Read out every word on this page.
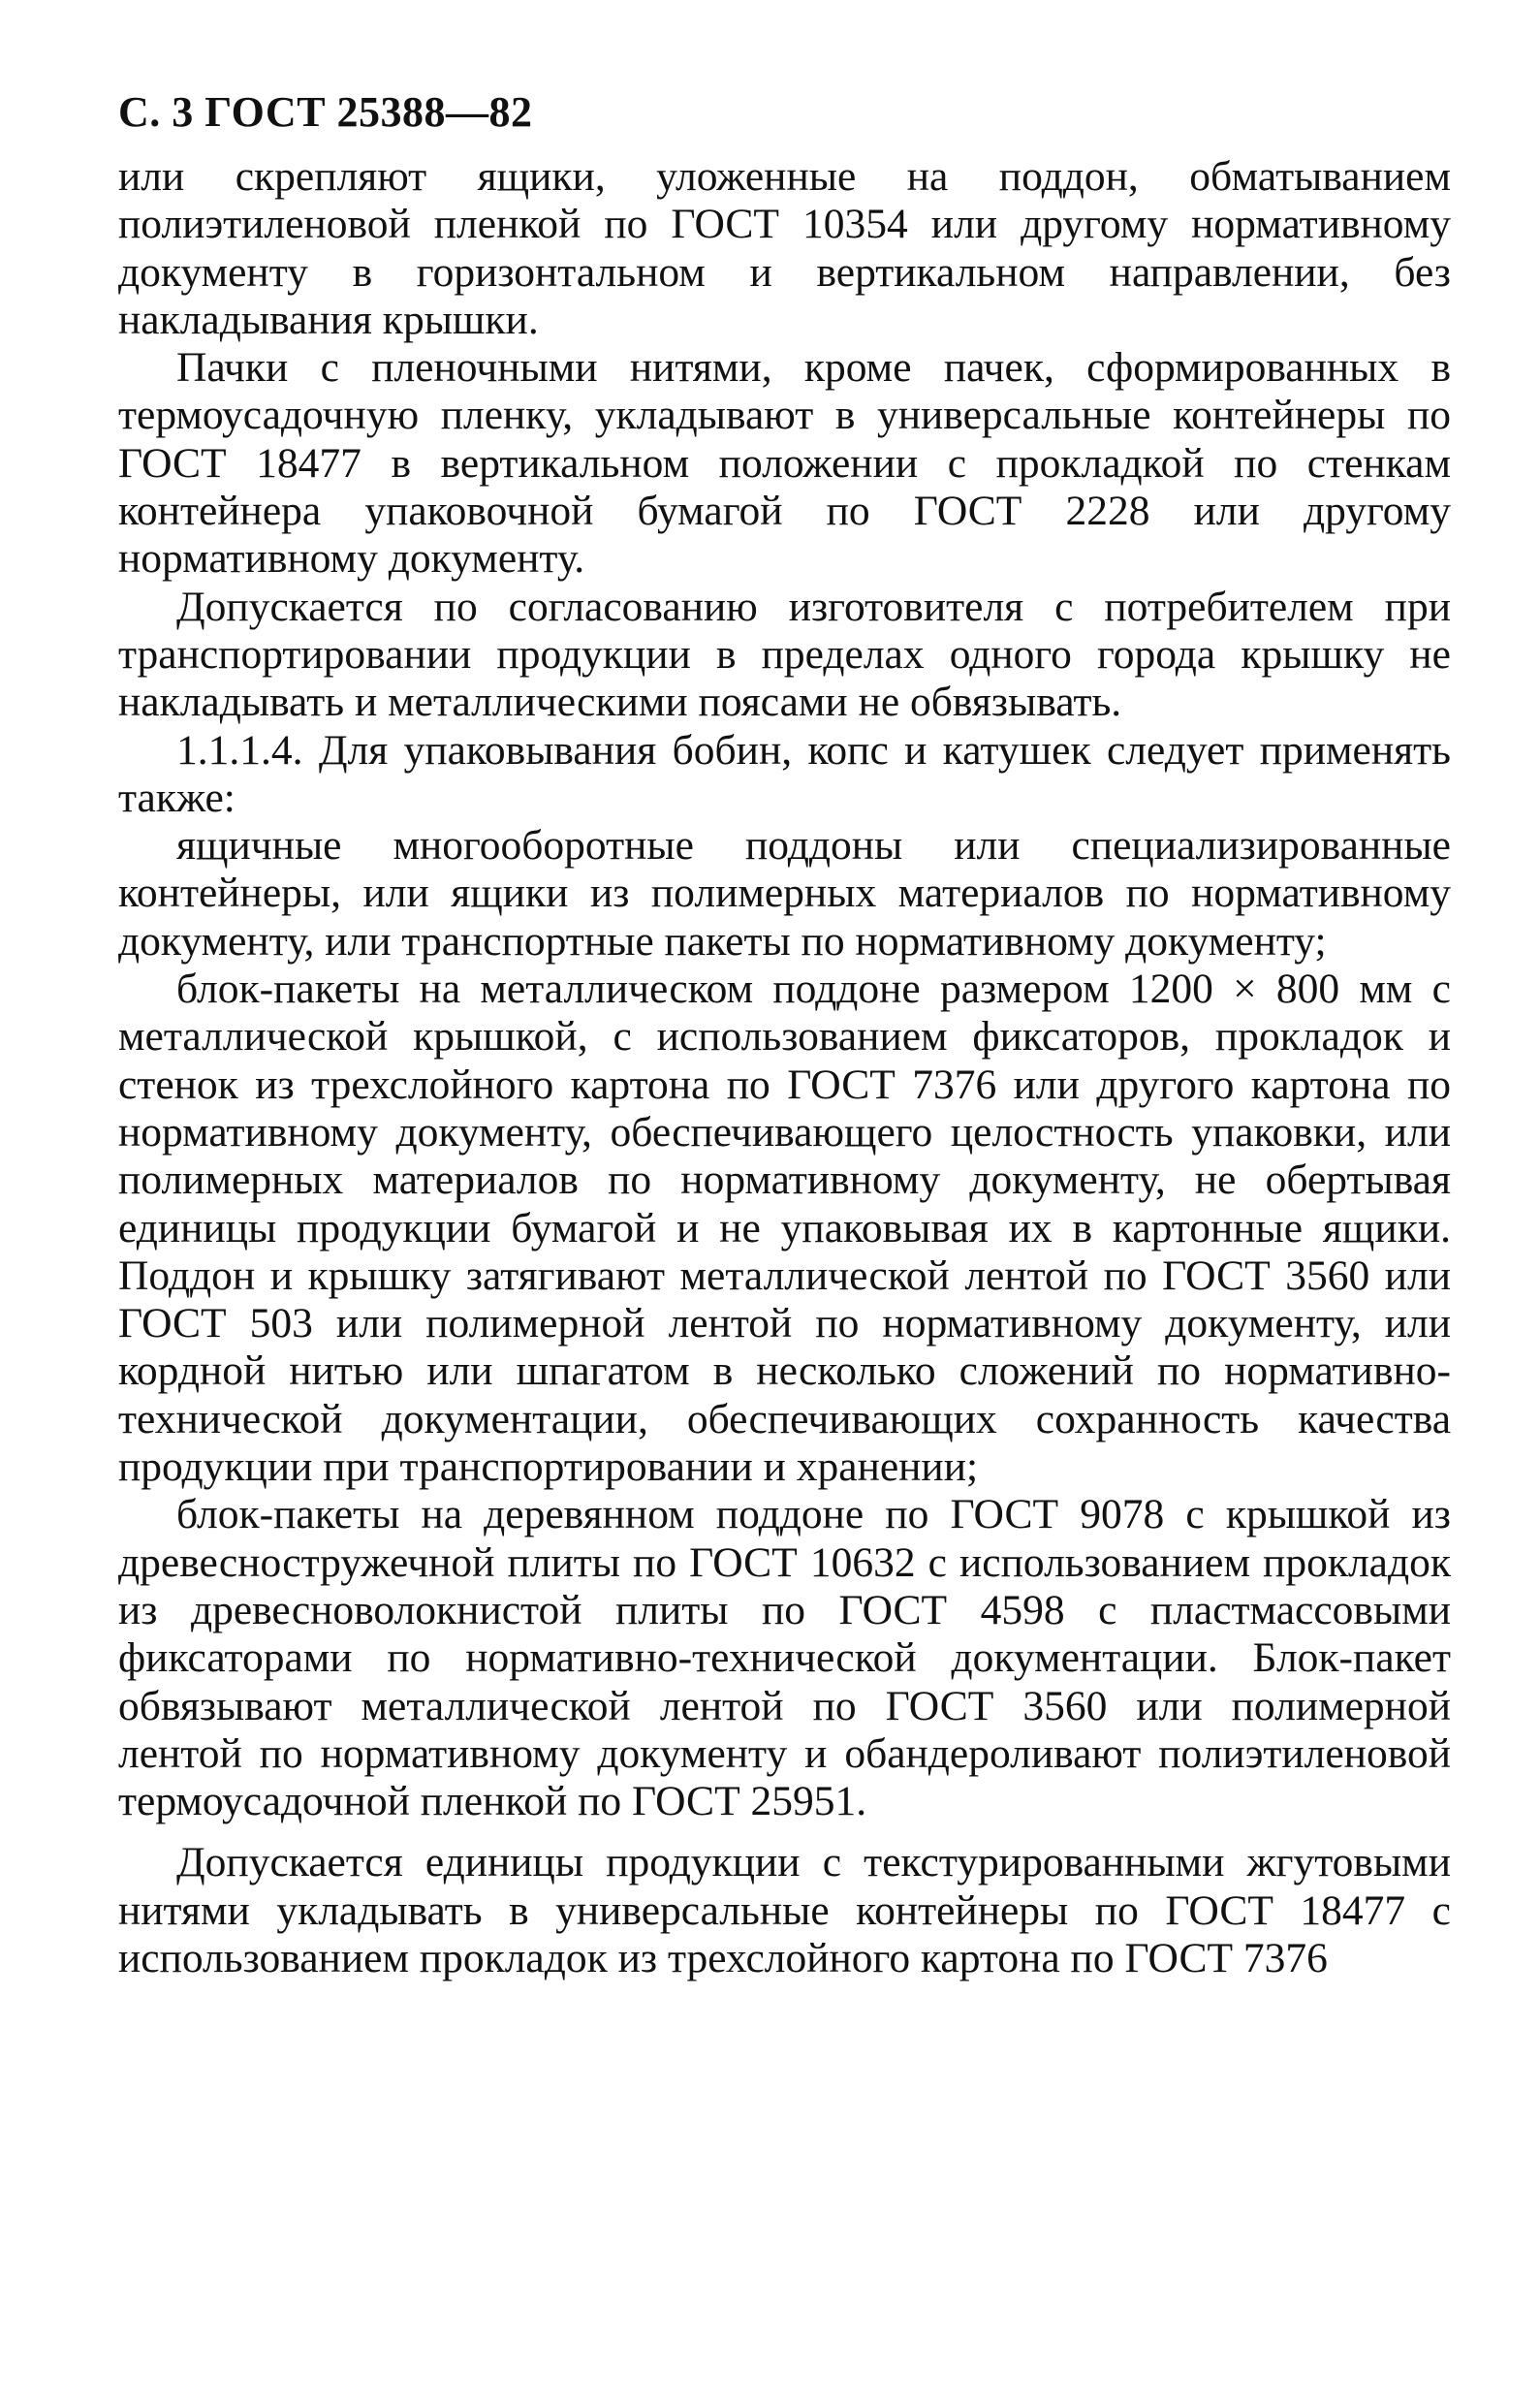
С. 3 ГОСТ 25388—82

или скрепляют ящики, уложенные на поддон, обматыванием полиэтиленовой пленкой по ГОСТ 10354 или другому нормативному документу в горизонтальном и вертикальном направлении, без накладывания крышки.

Пачки с пленочными нитями, кроме пачек, сформированных в термоусадочную пленку, укладывают в универсальные контейнеры по ГОСТ 18477 в вертикальном положении с прокладкой по стенкам контейнера упаковочной бумагой по ГОСТ 2228 или другому нормативному документу.

Допускается по согласованию изготовителя с потребителем при транспортировании продукции в пределах одного города крышку не накладывать и металлическими поясами не обвязывать.

1.1.1.4. Для упаковывания бобин, копс и катушек следует применять также:

ящичные многооборотные поддоны или специализированные контейнеры, или ящики из полимерных материалов по нормативному документу, или транспортные пакеты по нормативному документу;

блок-пакеты на металлическом поддоне размером 1200 × 800 мм с металлической крышкой, с использованием фиксаторов, прокладок и стенок из трехслойного картона по ГОСТ 7376 или другого картона по нормативному документу, обеспечивающего целостность упаковки, или полимерных материалов по нормативному документу, не обертывая единицы продукции бумагой и не упаковывая их в картонные ящики. Поддон и крышку затягивают металлической лентой по ГОСТ 3560 или ГОСТ 503 или полимерной лентой по нормативному документу, или кордной нитью или шпагатом в несколько сложений по нормативно-технической документации, обеспечивающих сохранность качества продукции при транспортировании и хранении;

блок-пакеты на деревянном поддоне по ГОСТ 9078 с крышкой из древесностружечной плиты по ГОСТ 10632 с использованием прокладок из древесноволокнистой плиты по ГОСТ 4598 с пластмассовыми фиксаторами по нормативно-технической документации. Блок-пакет обвязывают металлической лентой по ГОСТ 3560 или полимерной лентой по нормативному документу и обандероливают полиэтиленовой термоусадочной пленкой по ГОСТ 25951.

Допускается единицы продукции с текстурированными жгутовыми нитями укладывать в универсальные контейнеры по ГОСТ 18477 с использованием прокладок из трехслойного картона по ГОСТ 7376
